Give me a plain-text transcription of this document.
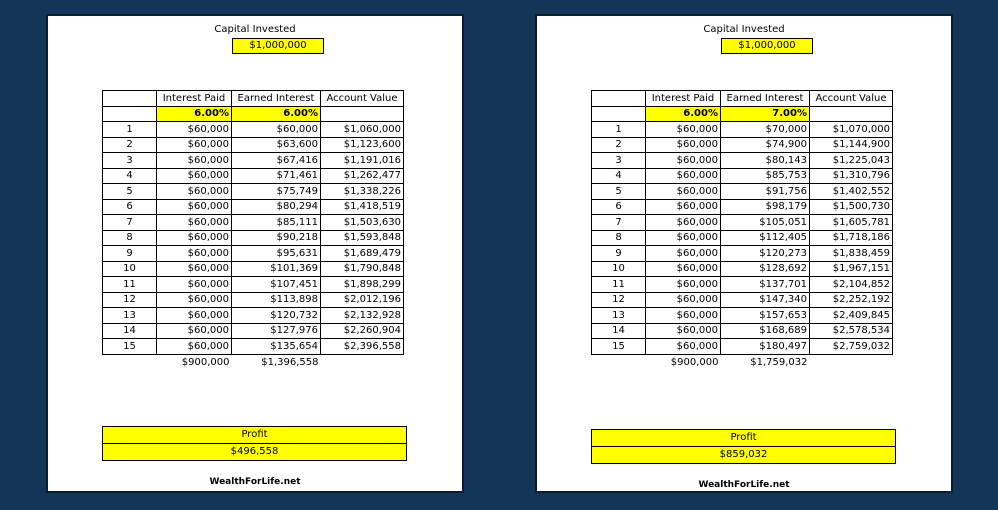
Capital Invested
$1,000,000
	Interest Paid	Earned Interest	Account Value
	6.00%	6.00%	
1	$60,000	$60,000	$1,060,000
2	$60,000	$63,600	$1,123,600
3	$60,000	$67,416	$1,191,016
4	$60,000	$71,461	$1,262,477
5	$60,000	$75,749	$1,338,226
6	$60,000	$80,294	$1,418,519
7	$60,000	$85,111	$1,503,630
8	$60,000	$90,218	$1,593,848
9	$60,000	$95,631	$1,689,479
10	$60,000	$101,369	$1,790,848
11	$60,000	$107,451	$1,898,299
12	$60,000	$113,898	$2,012,196
13	$60,000	$120,732	$2,132,928
14	$60,000	$127,976	$2,260,904
15	$60,000	$135,654	$2,396,558
	$900,000	$1,396,558	
Profit
$496,558
WealthForLife.net
Capital Invested
$1,000,000
	Interest Paid	Earned Interest	Account Value
	6.00%	7.00%	
1	$60,000	$70,000	$1,070,000
2	$60,000	$74,900	$1,144,900
3	$60,000	$80,143	$1,225,043
4	$60,000	$85,753	$1,310,796
5	$60,000	$91,756	$1,402,552
6	$60,000	$98,179	$1,500,730
7	$60,000	$105,051	$1,605,781
8	$60,000	$112,405	$1,718,186
9	$60,000	$120,273	$1,838,459
10	$60,000	$128,692	$1,967,151
11	$60,000	$137,701	$2,104,852
12	$60,000	$147,340	$2,252,192
13	$60,000	$157,653	$2,409,845
14	$60,000	$168,689	$2,578,534
15	$60,000	$180,497	$2,759,032
	$900,000	$1,759,032	
Profit
$859,032
WealthForLife.net
